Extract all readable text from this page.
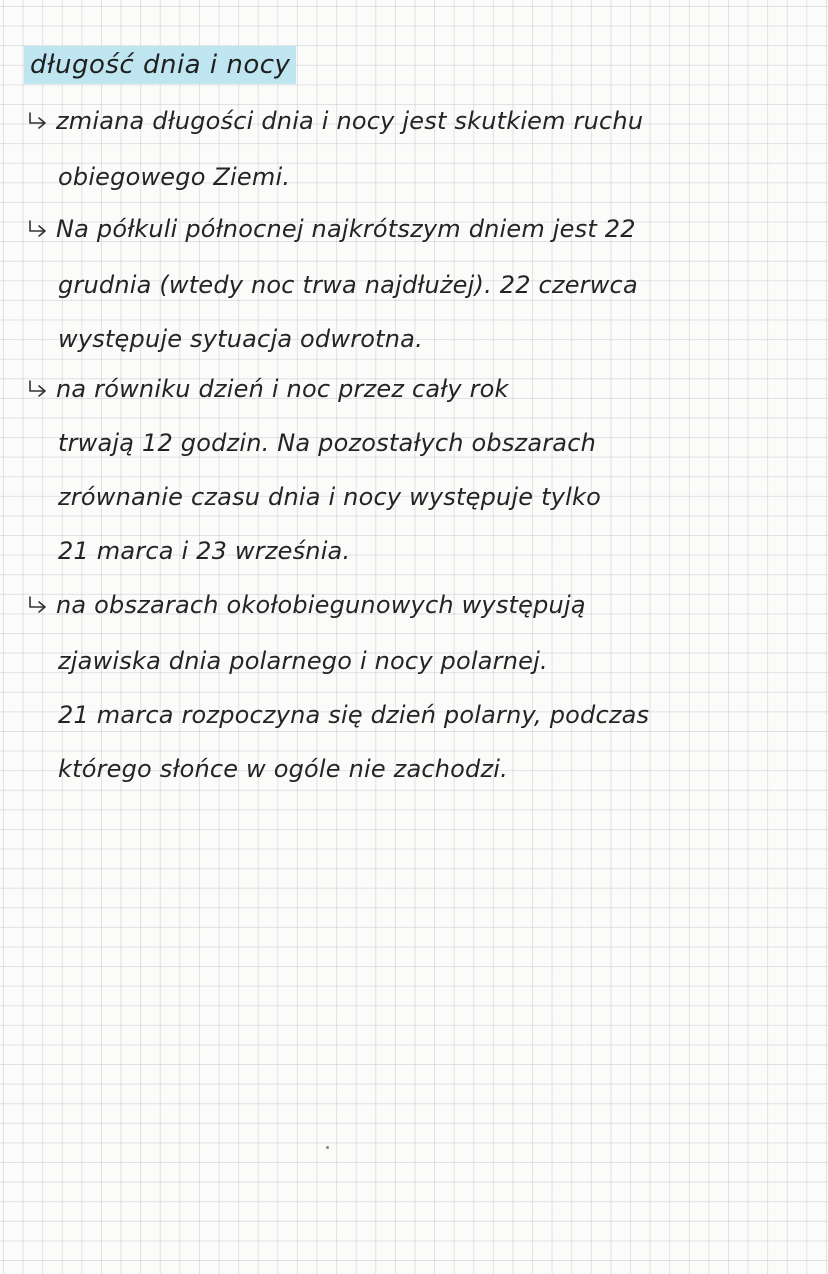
długość dnia i nocy
zmiana długości dnia i nocy jest skutkiem ruchu
obiegowego Ziemi.
Na półkuli północnej najkrótszym dniem jest 22
grudnia (wtedy noc trwa najdłużej). 22 czerwca
występuje sytuacja odwrotna.
na równiku dzień i noc przez cały rok
trwają 12 godzin. Na pozostałych obszarach
zrównanie czasu dnia i nocy występuje tylko
21 marca i 23 września.
na obszarach okołobiegunowych występują
zjawiska dnia polarnego i nocy polarnej.
21 marca rozpoczyna się dzień polarny, podczas
którego słońce w ogóle nie zachodzi.
